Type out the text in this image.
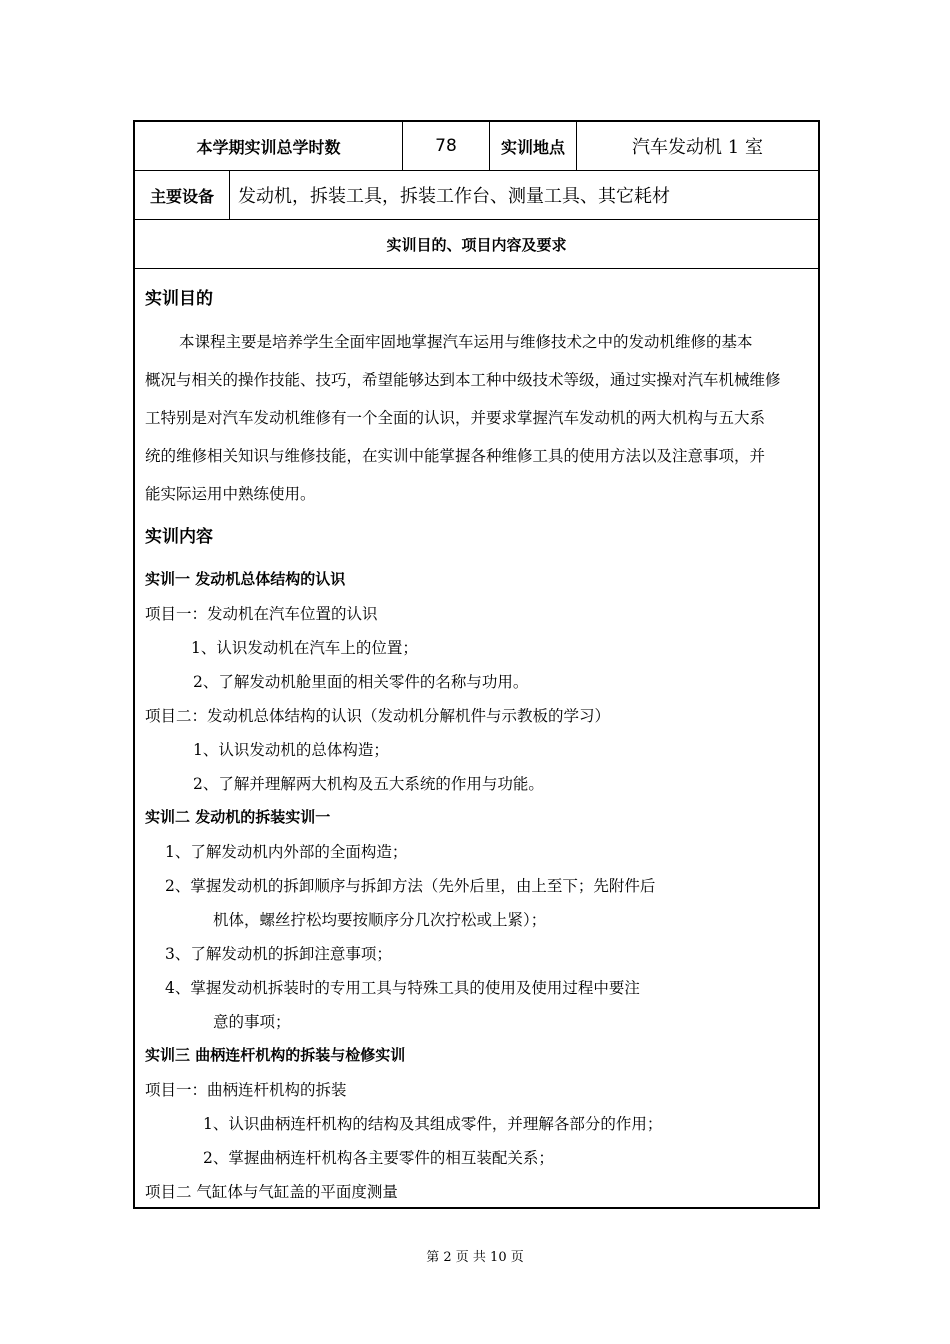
本学期实训总学时数	78	实训地点	汽车发动机 1 室
主要设备	发动机，拆装工具，拆装工作台、测量工具、其它耗材
实训目的、项目内容及要求
实训目的
本课程主要是培养学生全面牢固地掌握汽车运用与维修技术之中的发动机维修的基本
概况与相关的操作技能、技巧，希望能够达到本工种中级技术等级，通过实操对汽车机械维修
工特别是对汽车发动机维修有一个全面的认识，并要求掌握汽车发动机的两大机构与五大系
统的维修相关知识与维修技能，在实训中能掌握各种维修工具的使用方法以及注意事项，并
能实际运用中熟练使用。
实训内容
实训一 发动机总体结构的认识
项目一：发动机在汽车位置的认识
1、认识发动机在汽车上的位置；
2、了解发动机舱里面的相关零件的名称与功用。
项目二：发动机总体结构的认识（发动机分解机件与示教板的学习）
1、认识发动机的总体构造；
2、了解并理解两大机构及五大系统的作用与功能。
实训二 发动机的拆装实训一
1、了解发动机内外部的全面构造；
2、掌握发动机的拆卸顺序与拆卸方法（先外后里，由上至下；先附件后
机体，螺丝拧松均要按顺序分几次拧松或上紧）；
3、了解发动机的拆卸注意事项；
4、掌握发动机拆装时的专用工具与特殊工具的使用及使用过程中要注
意的事项；
实训三 曲柄连杆机构的拆装与检修实训
项目一：曲柄连杆机构的拆装
1、认识曲柄连杆机构的结构及其组成零件，并理解各部分的作用；
2、掌握曲柄连杆机构各主要零件的相互装配关系；
项目二 气缸体与气缸盖的平面度测量
第 2 页 共 10 页
